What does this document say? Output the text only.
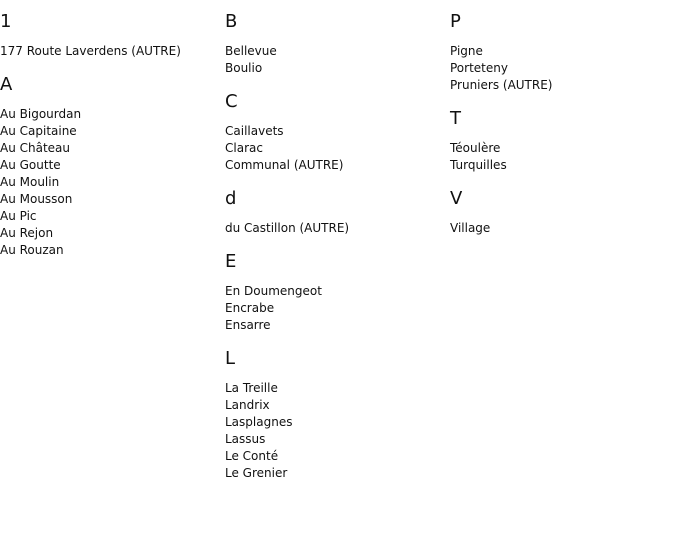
1
177 Route Laverdens (AUTRE)
A
Au Bigourdan
Au Capitaine
Au Château
Au Goutte
Au Moulin
Au Mousson
Au Pic
Au Rejon
Au Rouzan
B
Bellevue
Boulio
C
Caillavets
Clarac
Communal (AUTRE)
d
du Castillon (AUTRE)
E
En Doumengeot
Encrabe
Ensarre
L
La Treille
Landrix
Lasplagnes
Lassus
Le Conté
Le Grenier
P
Pigne
Porteteny
Pruniers (AUTRE)
T
Téoulère
Turquilles
V
Village
